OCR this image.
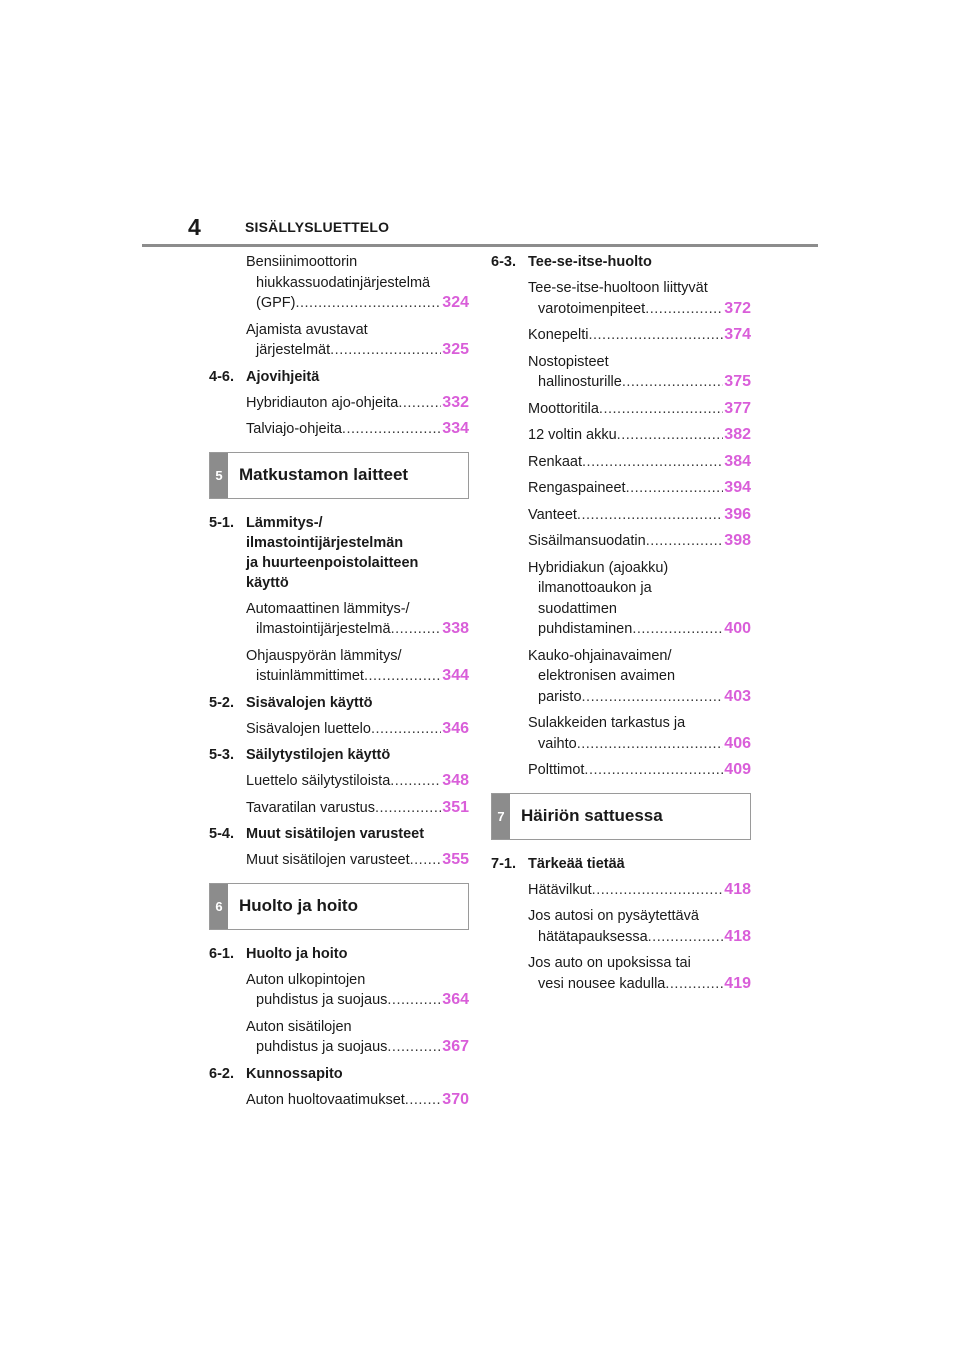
4	SISÄLLYSLUETTELO
Bensiinimoottorin
hiukkassuodatinjärjestelmä
(GPF) .....	324
Ajamista avustavat
järjestelmät .....	325
4-6. Ajovihjeitä
Hybridiauton ajo-ohjeita .....	332
Talviajo-ohjeita .....	334
5 Matkustamon laitteet
5-1. Lämmitys-/
ilmastointijärjestelmän
ja huurteenpoistolaitteen
käyttö
Automaattinen lämmitys-/
ilmastointijärjestelmä .....	338
Ohjauspyörän lämmitys/
istuinlämmittimet .....	344
5-2. Sisävalojen käyttö
Sisävalojen luettelo .....	346
5-3. Säilytystilojen käyttö
Luettelo säilytystiloista .....	348
Tavaratilan varustus .....	351
5-4. Muut sisätilojen varusteet
Muut sisätilojen varusteet ..... 355
6 Huolto ja hoito
6-1. Huolto ja hoito
Auton ulkopintojen
puhdistus ja suojaus .....	364
Auton sisätilojen
puhdistus ja suojaus .....	367
6-2. Kunnossapito
Auton huoltovaatimukset ..... 370
6-3. Tee-se-itse-huolto
Tee-se-itse-huoltoon liittyvät
varotoimenpiteet .....	372
Konepelti .....	374
Nostopisteet
hallinosturille .....	375
Moottoritila .....	377
12 voltin akku .....	382
Renkaat .....	384
Rengaspaineet .....	394
Vanteet .....	396
Sisäilmansuodatin .....	398
Hybridiakun (ajoakku)
ilmanottoaukon ja
suodattimen
puhdistaminen .....	400
Kauko-ohjainavaimen/
elektronisen avaimen
paristo .....	403
Sulakkeiden tarkastus ja
vaihto .....	406
Polttimot .....	409
7 Häiriön sattuessa
7-1. Tärkeää tietää
Hätävilkut .....	418
Jos autosi on pysäytettävä
hätätapauksessa .....	418
Jos auto on upoksissa tai
vesi nousee kadulla .....	419
